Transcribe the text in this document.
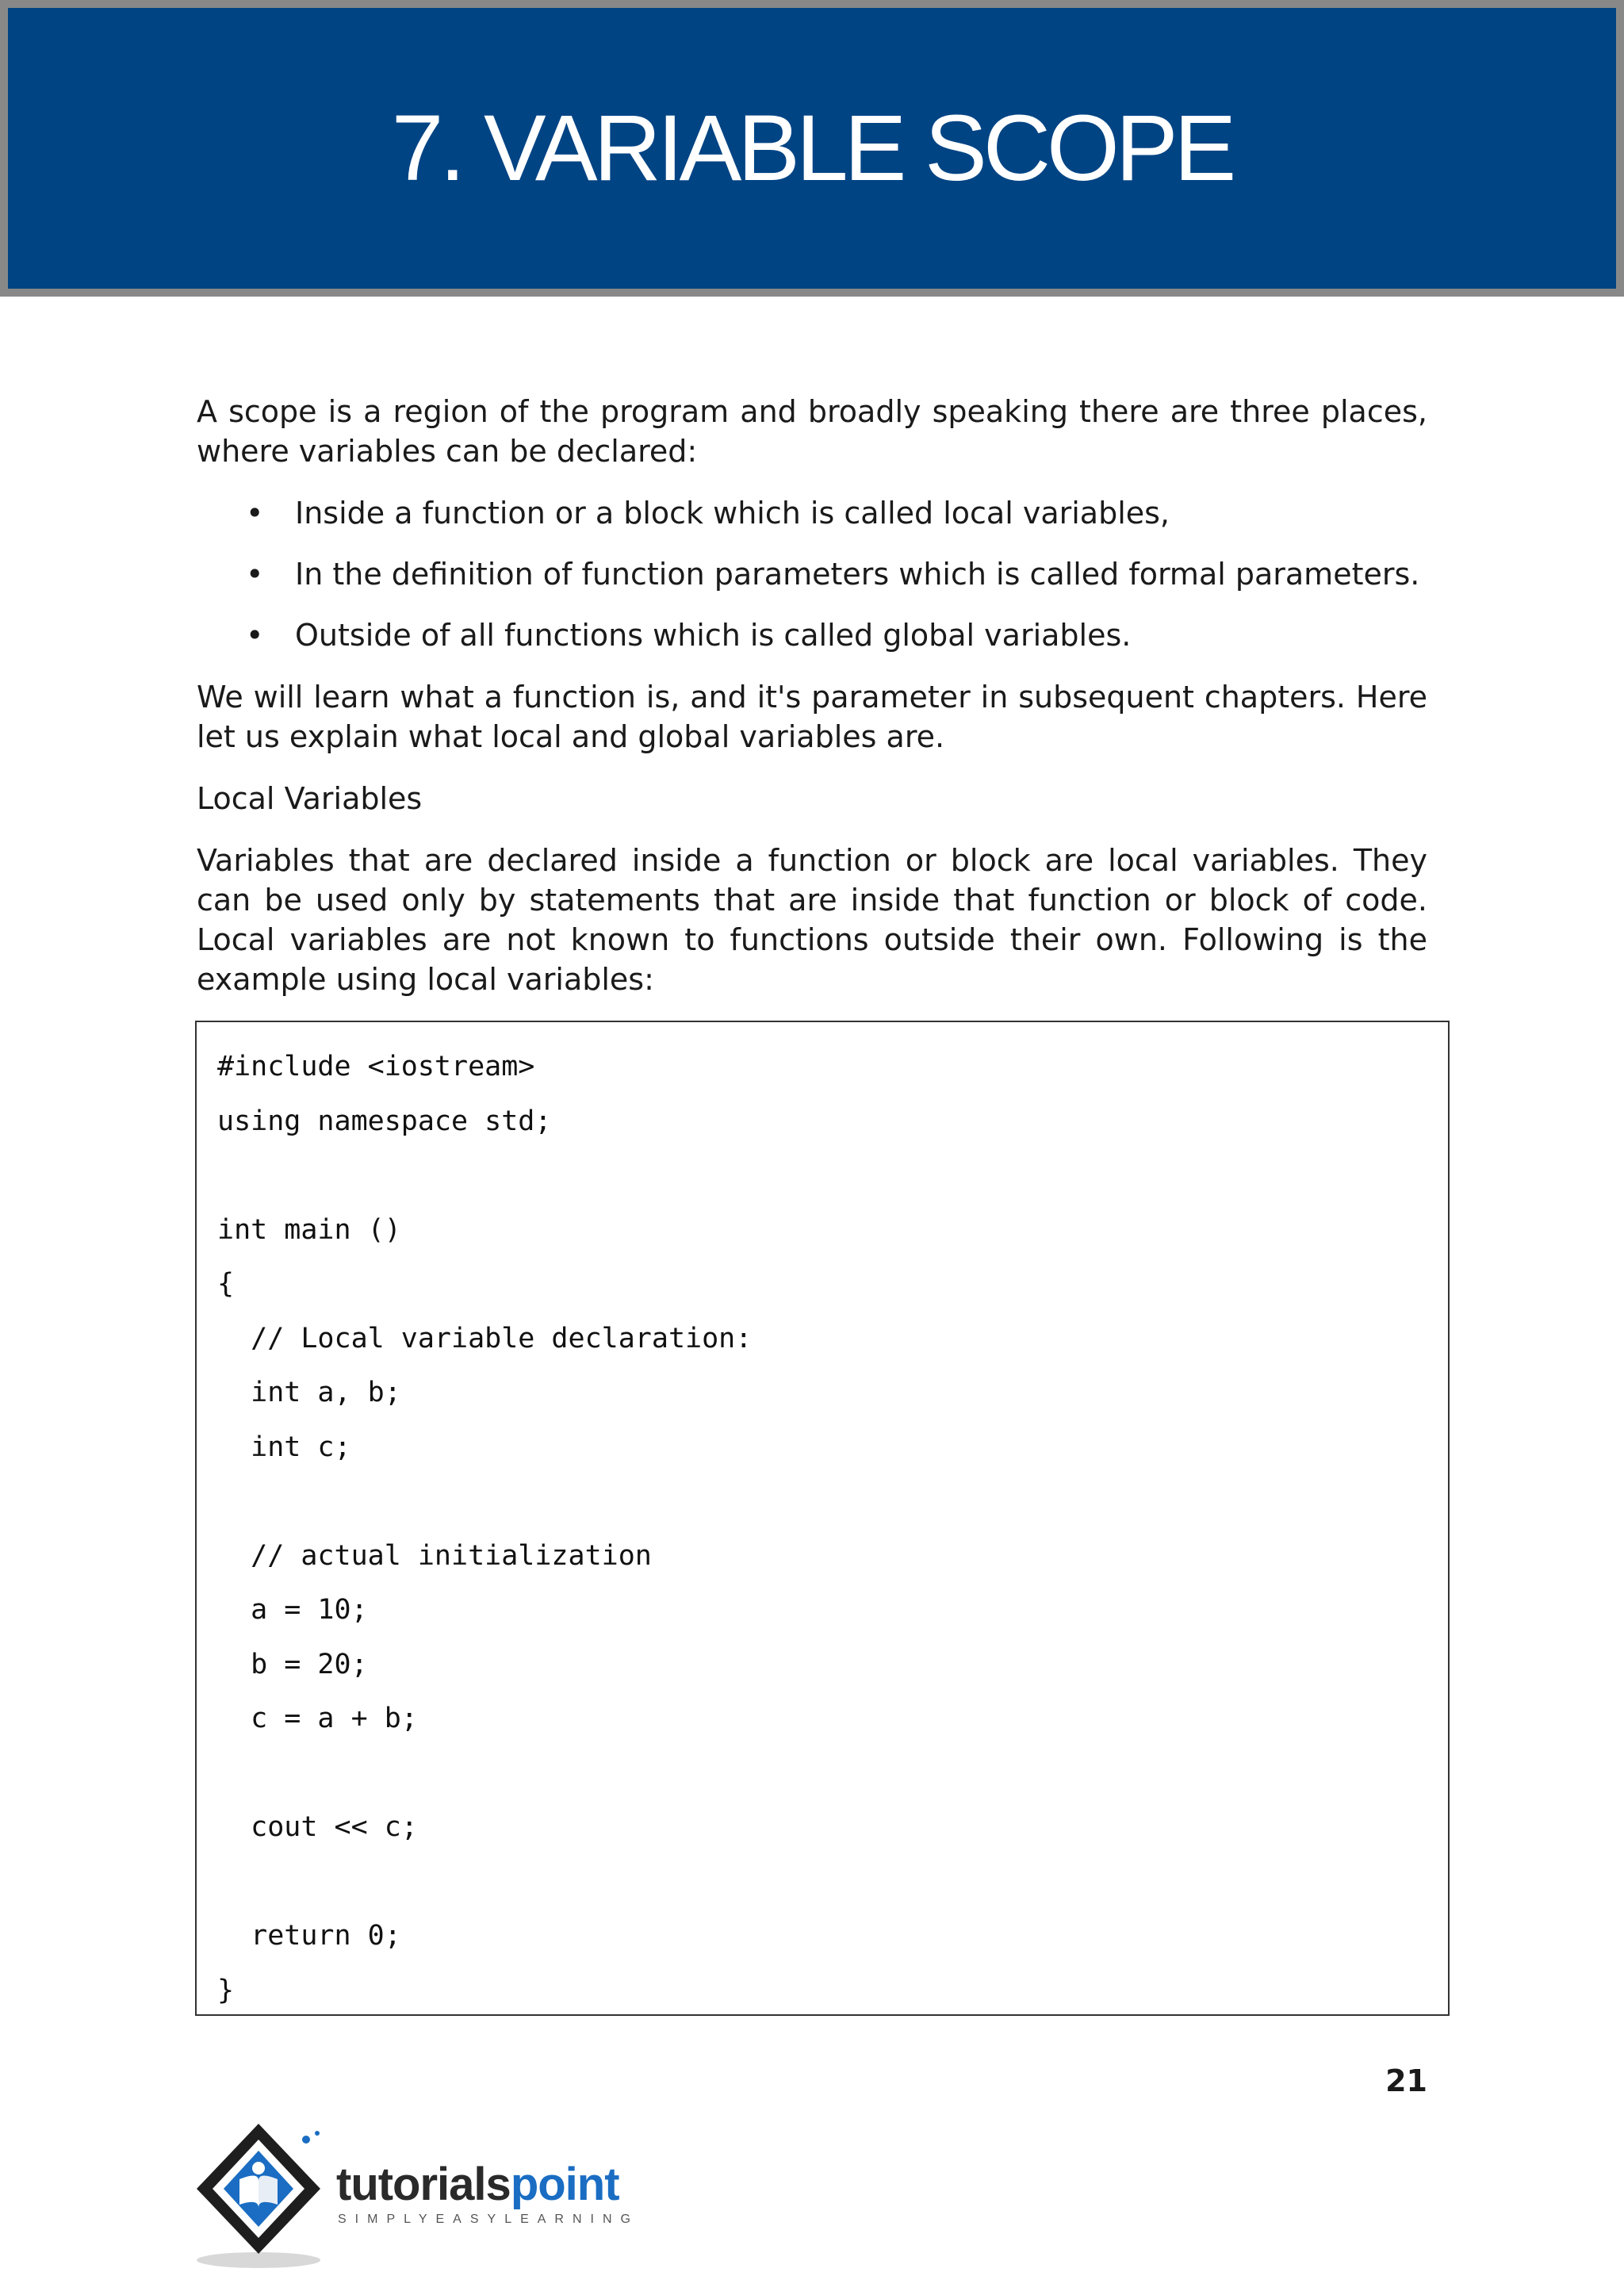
7. VARIABLE SCOPE

A scope is a region of the program and broadly speaking there are three places, where variables can be declared:

• Inside a function or a block which is called local variables,
• In the definition of function parameters which is called formal parameters.
• Outside of all functions which is called global variables.

We will learn what a function is, and it's parameter in subsequent chapters. Here let us explain what local and global variables are.

Local Variables

Variables that are declared inside a function or block are local variables. They can be used only by statements that are inside that function or block of code. Local variables are not known to functions outside their own. Following is the example using local variables:

#include <iostream>
using namespace std;
int main ()
{
// Local variable declaration:
int a, b;
int c;
// actual initialization
a = 10;
b = 20;
c = a + b;
cout << c;
return 0;
}
21

tutorialspoint

SIMPLYEASYLEARNING
